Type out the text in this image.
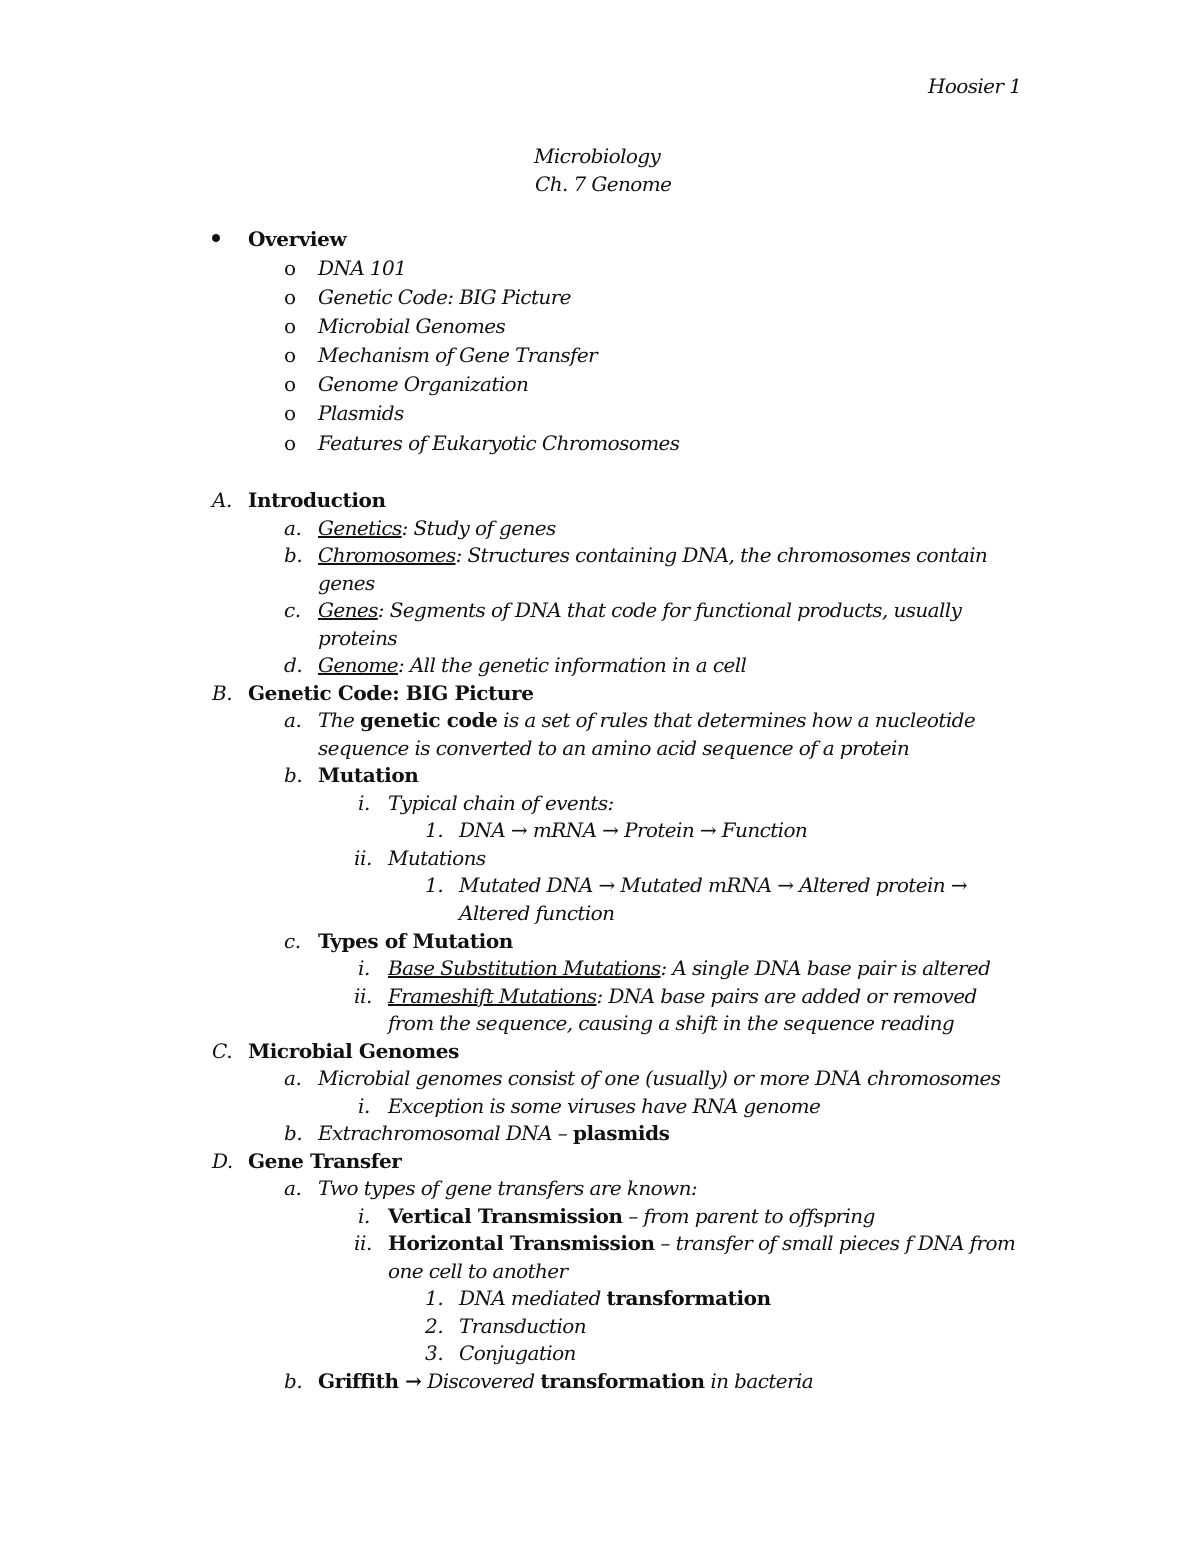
Hoosier 1
Microbiology
Ch. 7 Genome
Overview
o DNA 101
o Genetic Code: BIG Picture
o Microbial Genomes
o Mechanism of Gene Transfer
o Genome Organization
o Plasmids
o Features of Eukaryotic Chromosomes
A. Introduction
a. Genetics: Study of genes
b. Chromosomes: Structures containing DNA, the chromosomes contain
genes
c. Genes: Segments of DNA that code for functional products, usually
proteins
d. Genome: All the genetic information in a cell
B. Genetic Code: BIG Picture
a. The genetic code is a set of rules that determines how a nucleotide
sequence is converted to an amino acid sequence of a protein
b. Mutation
i. Typical chain of events:
1. DNA → mRNA → Protein → Function
ii. Mutations
1. Mutated DNA → Mutated mRNA → Altered protein →
Altered function
c. Types of Mutation
i. Base Substitution Mutations: A single DNA base pair is altered
ii. Frameshift Mutations: DNA base pairs are added or removed
from the sequence, causing a shift in the sequence reading
C. Microbial Genomes
a. Microbial genomes consist of one (usually) or more DNA chromosomes
i. Exception is some viruses have RNA genome
b. Extrachromosomal DNA – plasmids
D. Gene Transfer
a. Two types of gene transfers are known:
i. Vertical Transmission – from parent to offspring
ii. Horizontal Transmission – transfer of small pieces f DNA from
one cell to another
1. DNA mediated transformation
2. Transduction
3. Conjugation
b. Griffith → Discovered transformation in bacteria
